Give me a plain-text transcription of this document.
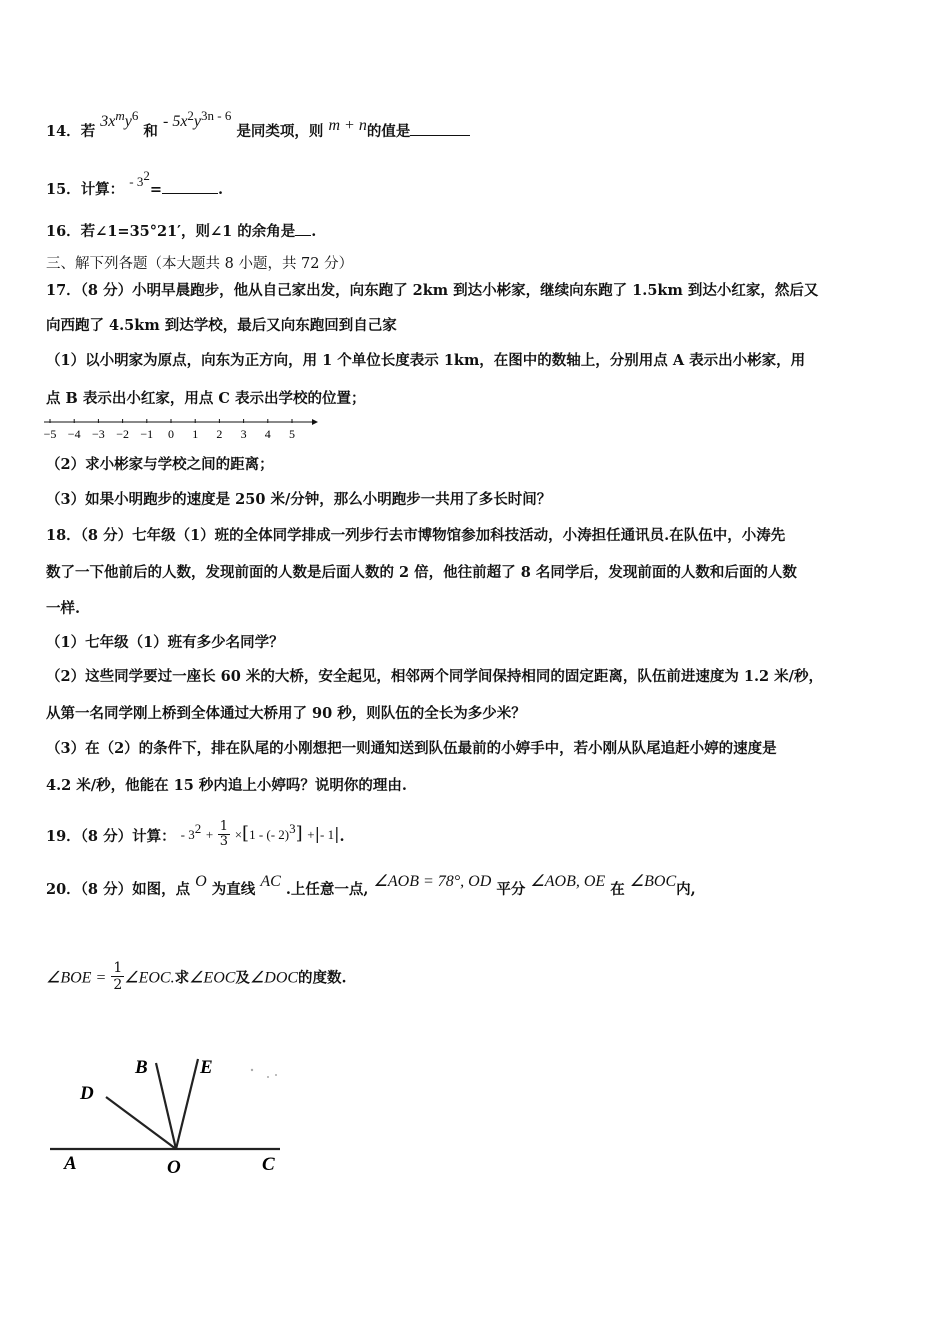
14．若 $3x^my^6$ 和 - $5x^2y^{3n - 6}$ 是同类项，则 m + n的值是
15．计算： - $3^2=$	.
16．若∠1=35°21′，则∠1 的余角是 .
三、解下列各题（本大题共 8 小题，共 72 分）
17．（8 分）小明早晨跑步，他从自己家出发，向东跑了 2km 到达小彬家，继续向东跑了 1.5km 到达小红家，然后又
向西跑了 4.5km 到达学校，最后又向东跑回到自己家
（1）以小明家为原点，向东为正方向，用 1 个单位长度表示 1km，在图中的数轴上，分别用点 A 表示出小彬家，用
点 B 表示出小红家，用点 C 表示出学校的位置；
−5 −4 −3 −2 −1 0 1 2 3 4 5
（2）求小彬家与学校之间的距离；
（3）如果小明跑步的速度是 250 米/分钟，那么小明跑步一共用了多长时间？
18．（8 分）七年级（1）班的全体同学排成一列步行去市博物馆参加科技活动，小涛担任通讯员.在队伍中，小涛先
数了一下他前后的人数，发现前面的人数是后面人数的 2 倍，他往前超了 8 名同学后，发现前面的人数和后面的人数
一样.
（1）七年级（1）班有多少名同学？
（2）这些同学要过一座长 60 米的大桥，安全起见，相邻两个同学间保持相同的固定距离，队伍前进速度为 1.2 米/秒，
从第一名同学刚上桥到全体通过大桥用了 90 秒，则队伍的全长为多少米？
（3）在（2）的条件下，排在队尾的小刚想把一则通知送到队伍最前的小婷手中，若小刚从队尾追赶小婷的速度是
4.2 米/秒，他能在 15 秒内追上小婷吗？说明你的理由.
19．（8 分）计算： - $3^2 + \frac{1}{3} \times[1$ - (- 2)$^3$] +|- 1|.
20．（8 分）如图，点 O 为直线 AC .上任意一点, ∠AOB = 78°, OD 平分 ∠AOB, OE 在 ∠BOC内,
∠BOE = $\frac{1}{2}$ ∠EOC.求∠EOC及∠DOC的度数.
A	O	C
D
B	E
